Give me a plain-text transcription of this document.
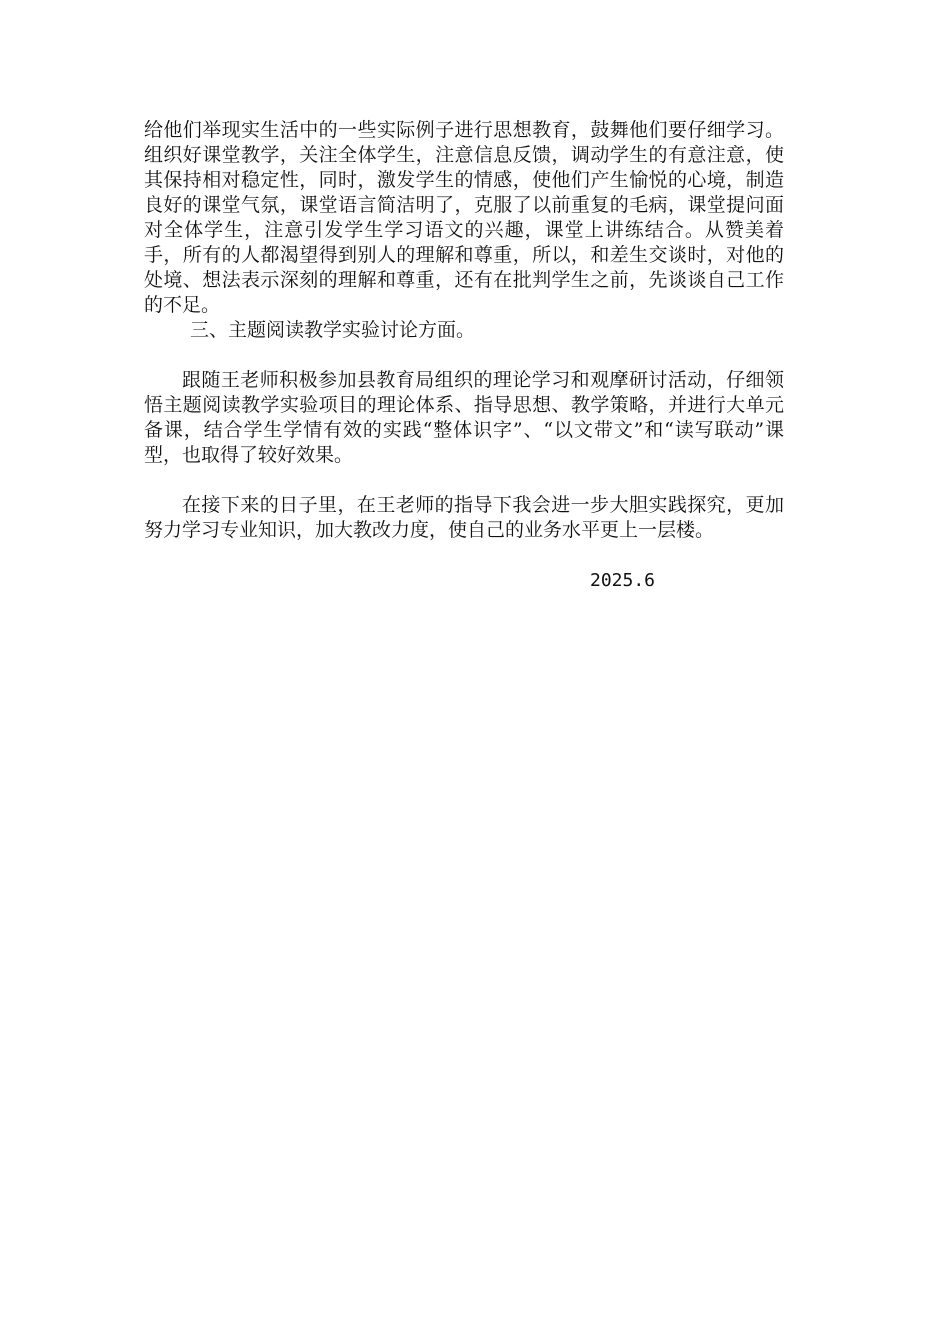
给他们举现实生活中的一些实际例子进行思想教育，鼓舞他们要仔细学习。组织好课堂教学，关注全体学生，注意信息反馈，调动学生的有意注意，使其保持相对稳定性，同时，激发学生的情感，使他们产生愉悦的心境，制造良好的课堂气氛，课堂语言简洁明了，克服了以前重复的毛病，课堂提问面对全体学生，注意引发学生学习语文的兴趣，课堂上讲练结合。从赞美着手，所有的人都渴望得到别人的理解和尊重，所以，和差生交谈时，对他的处境、想法表示深刻的理解和尊重，还有在批判学生之前，先谈谈自己工作的不足。

三、主题阅读教学实验讨论方面。

跟随王老师积极参加县教育局组织的理论学习和观摩研讨活动，仔细领悟主题阅读教学实验项目的理论体系、指导思想、教学策略，并进行大单元备课，结合学生学情有效的实践“整体识字”、“以文带文”和“读写联动”课型，也取得了较好效果。

在接下来的日子里，在王老师的指导下我会进一步大胆实践探究，更加努力学习专业知识，加大教改力度，使自己的业务水平更上一层楼。

2025.6
